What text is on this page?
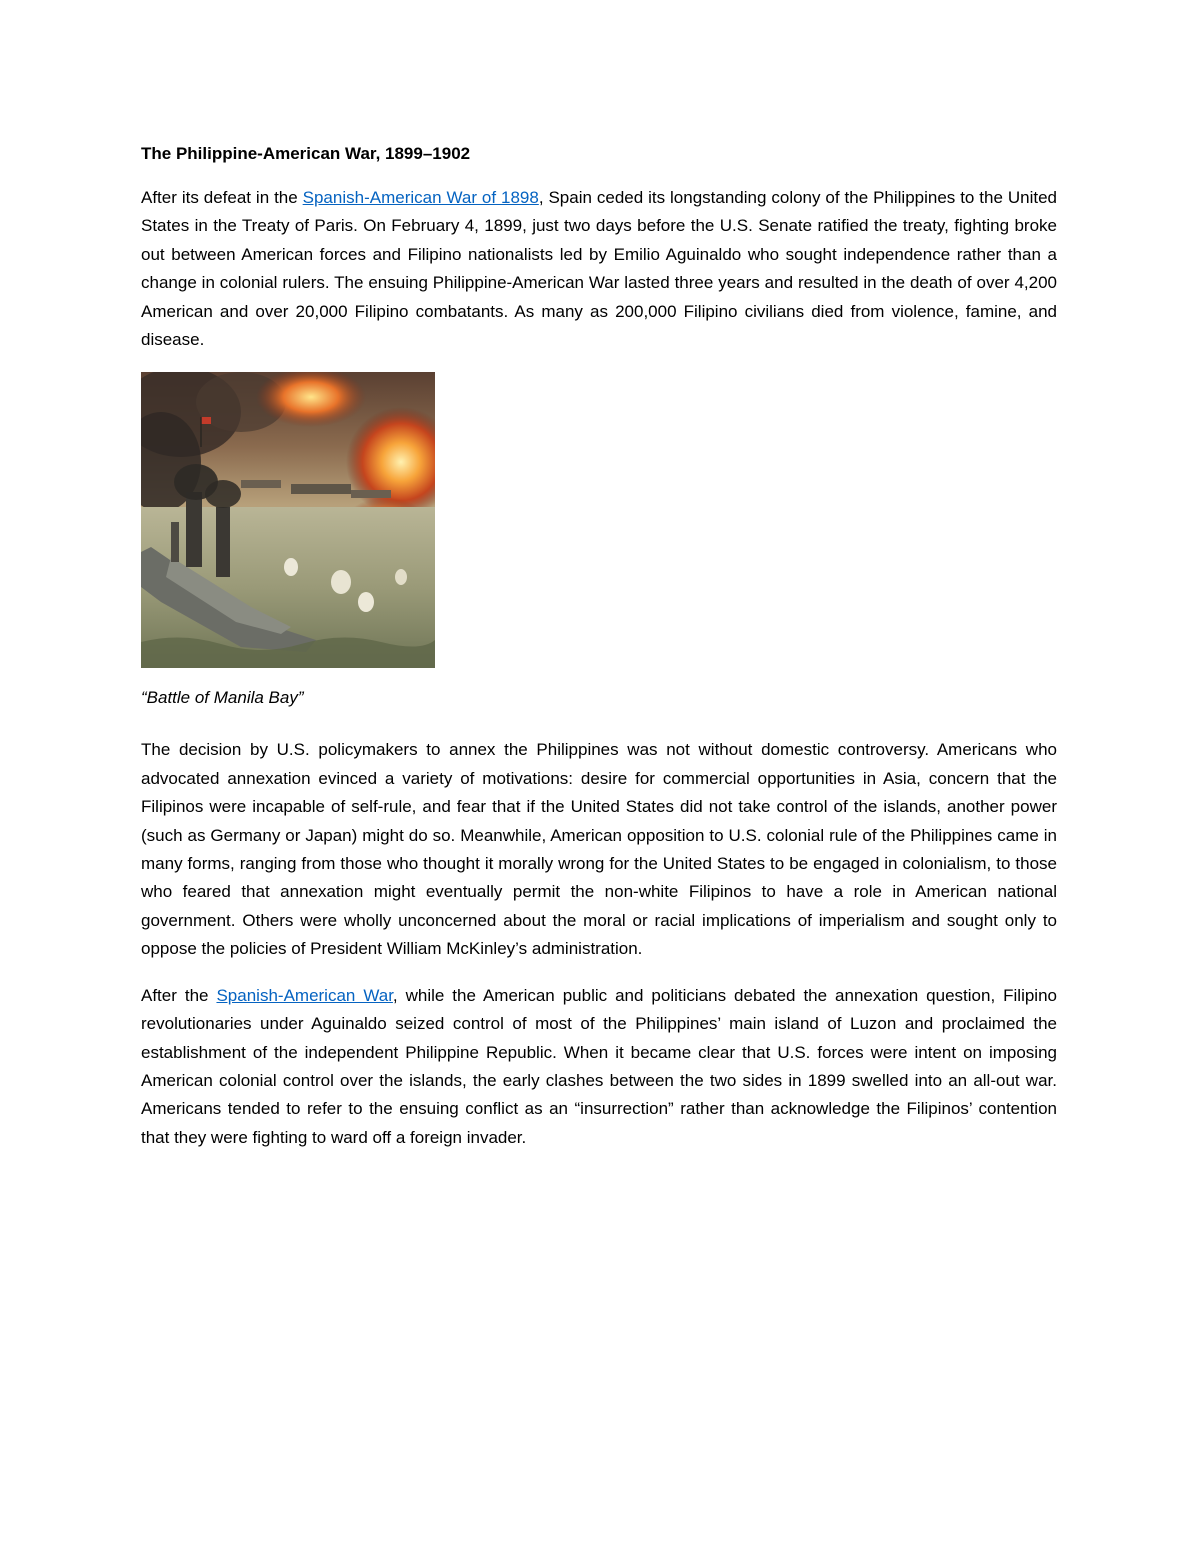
The Philippine-American War, 1899–1902

After its defeat in the Spanish-American War of 1898, Spain ceded its longstanding colony of the Philippines to the United States in the Treaty of Paris. On February 4, 1899, just two days before the U.S. Senate ratified the treaty, fighting broke out between American forces and Filipino nationalists led by Emilio Aguinaldo who sought independence rather than a change in colonial rulers. The ensuing Philippine-American War lasted three years and resulted in the death of over 4,200 American and over 20,000 Filipino combatants. As many as 200,000 Filipino civilians died from violence, famine, and disease.

“Battle of Manila Bay”

The decision by U.S. policymakers to annex the Philippines was not without domestic controversy. Americans who advocated annexation evinced a variety of motivations: desire for commercial opportunities in Asia, concern that the Filipinos were incapable of self-rule, and fear that if the United States did not take control of the islands, another power (such as Germany or Japan) might do so. Meanwhile, American opposition to U.S. colonial rule of the Philippines came in many forms, ranging from those who thought it morally wrong for the United States to be engaged in colonialism, to those who feared that annexation might eventually permit the non-white Filipinos to have a role in American national government. Others were wholly unconcerned about the moral or racial implications of imperialism and sought only to oppose the policies of President William McKinley’s administration.

After the Spanish-American War, while the American public and politicians debated the annexation question, Filipino revolutionaries under Aguinaldo seized control of most of the Philippines’ main island of Luzon and proclaimed the establishment of the independent Philippine Republic. When it became clear that U.S. forces were intent on imposing American colonial control over the islands, the early clashes between the two sides in 1899 swelled into an all-out war. Americans tended to refer to the ensuing conflict as an “insurrection” rather than acknowledge the Filipinos’ contention that they were fighting to ward off a foreign invader.
